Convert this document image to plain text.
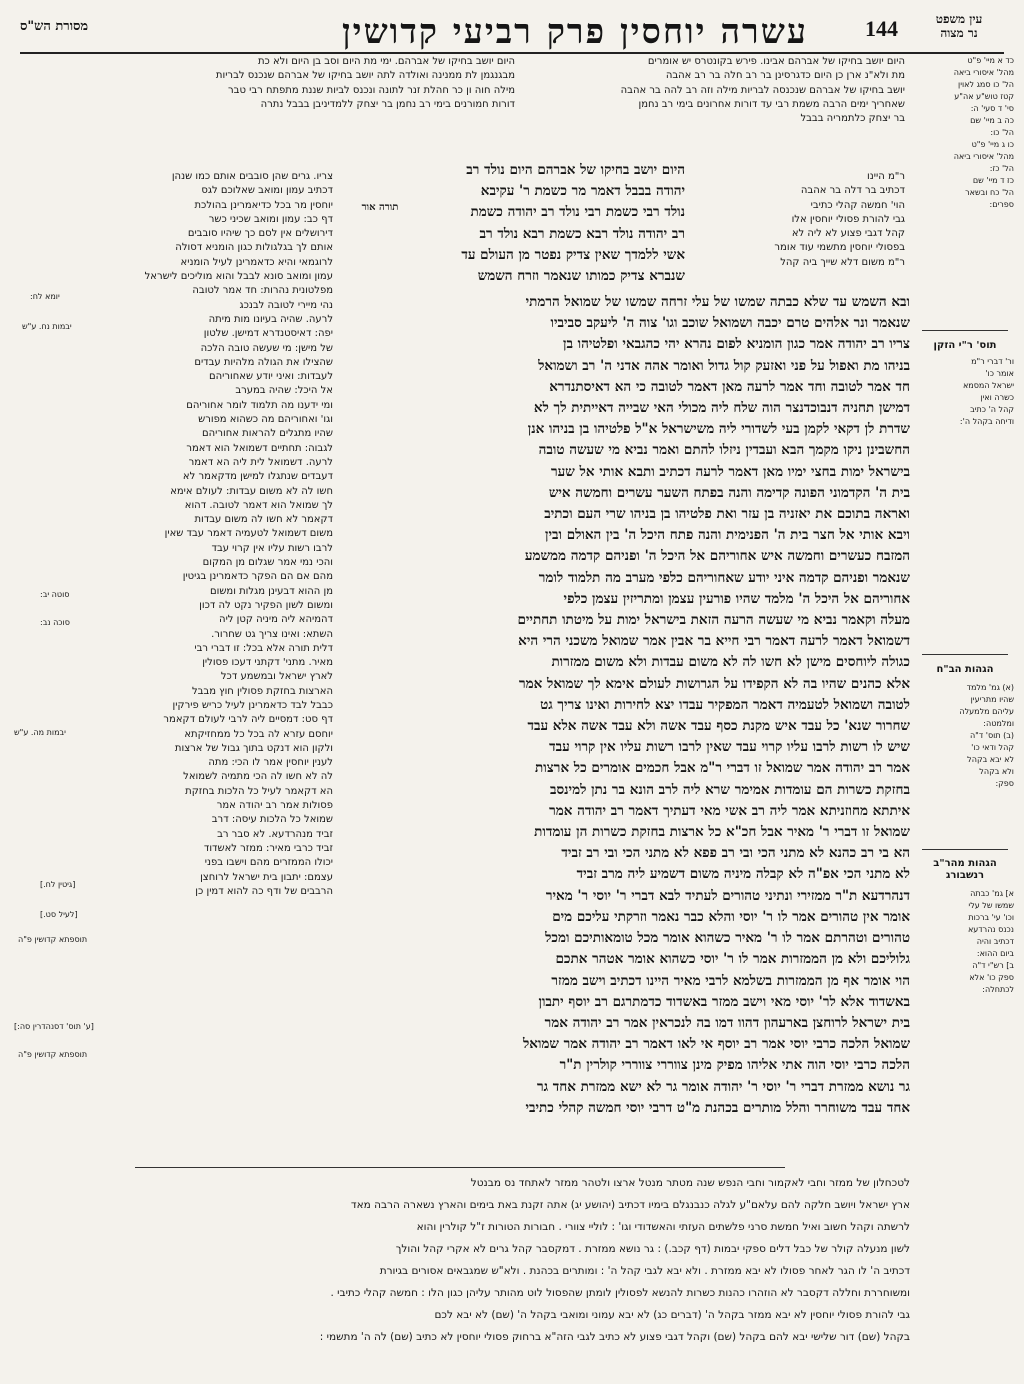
מסורת הש"ס	עשרה יוחסין פרק רביעי קדושין	144	עין משפט
נר מצוה
היום יושב בחיקו של אברהם. ימי מת היום וסב בן היום ולא כת
מבגנגמן לת ממנינה ואולדה לתה יושב בחיקו של אברהם שנכנס לבריות
מילה חוה ון כר חהלת זנר לתונה ונכנס לביות שננת מתפתח רבי טבר
דורות חמורנים בימי רב נחמן בר יצחק ללמדיניבן בבבל נתרה
היום יושב בחיקו של אברהם אבינו. פירש בקונטרס יש אומרים
מת ולא"נ ארן כן היום כדגרסינן בר רב חלה בר רב אהבה
יושב בחיקו של אברהם שנכנסה לבריות מילה וזה רב להה בר אהבה
שאחריך ימים הרבה משמת רבי עד דורות אחרונים בימי רב נחמן
בר יצחק כלתמריה בבבל
תורה אור
ר"מ היינו
דכתיב בר דלה בר אהבה
הוי' חמשה קהלי כתיבי
גבי להורת פסולי יוחסין אלו
קהל דגבי פצוע לא ליה לא
בפסולי יוחסין מתשמי עוד אומר
ר"מ משום דלא שייך ביה קהל
צריו. גרים שהן סובבים אותם כמו שנהן
דכתיב עמון ומואב שאלוכם לגס
יוחסין מר בכל כדיאמרינן בהולכת
דף כב: עמון ומואב שכיני כשר
דירושלים אין לסם כך שיהיו סובבים
אותם לך בגלגולות כגון הומניא דסולה
לרוגמאי והיא כדאמרינן לעיל הומניא
עמון ומואב סונא לבבל והוא מוליכים לישראל
מפלטונית נהרות: חד אמר לטובה
נהי מיירי לטובה לבנכג
לרעה. שהיה בעיונו מות מיתה
יפה: דאיסטנדרא דמישן. שלטון
של מישן: מי שעשה טובה הלכה
שהצילו את הגולה מלהיות עבדים
לעבדות: ואיני יודע שאחוריהם
אל היכל: שהיה במערב
ומי ידענו מה תלמוד לומר אחוריהם
וגו' ואחוריהם מה כשהוא מפורש
שהיו מתגלים להראות אחוריהם
לגבוה: תחתיים דשמואל הוא דאמר
לרעה. דשמואל לית ליה הא דאמר
דעבדים שנתגלו למישן מדקאמר לא
חשו לה לא משום עבדות: לעולם אימא
לך שמואל הוא דאמר לטובה. דהוא
דקאמר לא חשו לה משום עבדות
משום דשמואל לטעמיה דאמר עבד שאין
לרבו רשות עליו אין קרוי עבד
והכי נמי אמר שגלום מן המקום
מהם אם הם הפקר כדאמרינן בגיטין
מן ההוא דבעינן מגלות ומשום
ומשום לשון הפקיר נקט לה דכון
דהמיהא ליה מיניה קטן ליה
השתא: ואינו צריך גט שחרור.
דלית תורה אלא בכל: זו דברי רבי
מאיר. מתני' דקתני דעכו פסולין
לארץ ישראל ובמשמע דכל
הארצות בחזקת פסולין חוץ מבבל
כבבל לבד כדאמרינן לעיל כריש פירקין
דף סט: דמסיים ליה לרבי לעולם דקאמר
יוחסם עזרא לה בכל כל ממחזיקתא
ולקון הוא דנקט בתוך גבול של ארצות
לענין יוחסין אמר לו הכי: מתה
לה לא חשו לה הכי מתמיה לשמואל
הא דקאמר לעיל כל הלכות בחזקת
פסולות אמר רב יהודה אמר
שמואל כל הלכות עיסה: דרב
זביד מנהרדעא. לא סבר רב
זביד כרבי מאיר: ממזר לאשדוד
יכולו הממזרים מהם וישבו בפני
עצמם: יתבון בית ישראל לרוחצן
הרבבים של ודף כה להוא דמין כן
היום יושב בחיקו של אברהם היום נולד רב
יהודה בבבל דאמר מר כשמת ר' עקיבא
נולד רבי כשמת רבי נולד רב יהודה כשמת
רב יהודה נולד רבא כשמת רבא נולד רב
אשי ללמדך שאין צדיק נפטר מן העולם עד
שנברא צדיק כמותו שנאמר וזרח השמש
ובא השמש עד שלא כבתה שמשו של עלי זרחה שמשו של שמואל הרמתי
שנאמר ונר אלהים טרם יכבה ושמואל שוכב וגו' צוה ה' ליעקב סביביו
צריו רב יהודה אמר כגון הומניא לפום נהרא יהי כהגבאי ופלטיהו בן
בניהו מת ואפול על פני ואזעק קול גדול ואומר אהה אדני ה' רב ושמואל
חד אמר לטובה וחד אמר לרעה מאן דאמר לטובה כי הא דאיסתנדרא
דמישן תחניה דנבוכדנצר הוה שלח ליה מכולי האי שבייה דאייתית לך לא
שדרת לן דקאי לקמן בעי לשדורי ליה משישראל א"ל פלטיהו בן בניהו אנן
החשבינן ניקו מקמך הבא ועבדין ניזלו להתם ואמר נביא מי שעשה טובה
בישראל ימות בחצי ימיו מאן דאמר לרעה דכתיב ותבא אותי אל שער
בית ה' הקדמוני הפונה קדימה והנה בפתח השער עשרים וחמשה איש
ואראה בתוכם את יאזניה בן עזר ואת פלטיהו בן בניהו שרי העם וכתיב
ויבא אותי אל חצר בית ה' הפנימית והנה פתח היכל ה' בין האולם ובין
המזבח כעשרים וחמשה איש אחוריהם אל היכל ה' ופניהם קדמה ממשמע
שנאמר ופניהם קדמה איני יודע שאחוריהם כלפי מערב מה תלמוד לומר
אחוריהם אל היכל ה' מלמד שהיו פורעין עצמן ומתריזין עצמן כלפי
מעלה וקאמר נביא מי שעשה הרעה הזאת בישראל ימות על מיטתו תחתיים
דשמואל דאמר לרעה דאמר רבי חייא בר אבין אמר שמואל משכני הרי היא
כגולה ליוחסים מישן לא חשו לה לא משום עבדות ולא משום ממזרות
אלא כהנים שהיו בה לא הקפידו על הגרושות לעולם אימא לך שמואל אמר
לטובה ושמואל לטעמיה דאמר המפקיר עבדו יצא לחירות ואינו צריך גט
שחרור שנא' כל עבד איש מקנת כסף עבד אשה ולא עבד אשה אלא עבד
שיש לו רשות לרבו עליו קרוי עבד שאין לרבו רשות עליו אין קרוי עבד
אמר רב יהודה אמר שמואל זו דברי ר"מ אבל חכמים אומרים כל ארצות
בחזקת כשרות הם עומדות אמימר שרא ליה לרב הונא בר נתן למינסב
איתתא מחוזניתא אמר ליה רב אשי מאי דעתיך דאמר רב יהודה אמר
שמואל זו דברי ר' מאיר אבל חכ"א כל ארצות בחזקת כשרות הן עומדות
הא בי רב כהנא לא מתני הכי ובי רב פפא לא מתני הכי ובי רב זביד
לא מתני הכי אפ"ה לא קבלה מיניה משום דשמיע ליה מרב זביד
דנהרדעא ת"ר ממזירי ונתיני טהורים לעתיד לבא דברי ר' יוסי ר' מאיר
אומר אין טהורים אמר לו ר' יוסי והלא כבר נאמר וזרקתי עליכם מים
טהורים וטהרתם אמר לו ר' מאיר כשהוא אומר מכל טומאותיכם ומכל
גלוליכם ולא מן הממזרות אמר לו ר' יוסי כשהוא אומר אטהר אתכם
הוי אומר אף מן הממזרות בשלמא לרבי מאיר היינו דכתיב וישב ממזר
באשדוד אלא לר' יוסי מאי וישב ממזר באשדוד כדמתרגם רב יוסף יתבון
בית ישראל לרוחצן בארעהון דהוו דמו בה לנכראין אמר רב יהודה אמר
שמואל הלכה כרבי יוסי אמר רב יוסף אי לאו דאמר רב יהודה אמר שמואל
הלכה כרבי יוסי הוה אתי אליהו מפיק מינן צווררי צווררי קולרין ת"ר
גר נושא ממזרת דברי ר' יוסי ר' יהודה אומר גר לא ישא ממזרת אחד גר
אחד עבד משוחרר והלל מותרים בכהנת מ"ט דרבי יוסי חמשה קהלי כתיבי
כד א מיי' פ"ט
מהל' איסורי ביאה
הל' כו סמג לאוין
קטז טוש"ע אה"ע
סי' ד סעי' ה:
כה ב מיי' שם
הל' כו:
כו ג מיי' פ"ט
מהל' איסורי ביאה
הל' כז:
כז ד מיי' שם
הל' כח ובשאר
ספרים:
תוס' ר"י הזקן
ור' דברי ר"מ
אומר כו'
ישראל המסמא
כשרה ואין
קהל ה' כתיב
ודיחה בקהל ה':
הגהות הב"ח
(א) גמ' מלמד
שהיו מתריעין
עליהם מלמעלה
ומלמטה:
(ב) תוס' ד"ה
קהל ודאי כו'
לא יבא בקהל
ולא בקהל
ספק:
הגהות מהר"ב רנשבורג
א] גמ' כבתה
שמשו של עלי
וכו' עי' ברכות
נכנס נהרדעא
דכתיב והיה
ביום ההוא:
ב] רש"י ד"ה
ספק כו' אלא
לכתחלה:
יומא לח:
יבמות נח. ע"ש
סוטה יב:
סוכה נב:
יבמות מה. ע"ש
[גיטין לח.]
[לעיל סט.]
תוספתא קדושין פ"ה
[ע' תוס' דסנהדרין סה:]
תוספתא קדושין פ"ה
לטכחלון של ממזר וחבי לאקמור וחבי הנפש שנה מטתר מנטל ארצו ולטהר ממזר לאתחד נס מבנטל
ארץ ישראל ויושב חלקה להם עלאם"ע לגלה כנבנגלם בימיו דכתיב (יהושע יג) אתה זקנת באת בימים והארץ נשארה הרבה מאד
לרשתה וקהל חשוב ואיל חמשת סרני פלשתים העזתי והאשדודי וגו' : לוליי צוורי . חבורות הטורות ז"ל קולרין והוא
לשון מנעלה קולר של כבל דלים ספקי יבמות (דף קכב.) : גר נושא ממזרת . דמקסבר קהל גרים לא אקרי קהל והולך
דכתיב ה' לו הגר לאחר פסולו לא יבא ממזרת . ולא יבא לגבי קהל ה' : ומותרים בכהנת . ולא"ש שמגבאים אסורים בגיורת
ומשוחררת וחללה דקסבר לא הוזהרו כהנות כשרות להנשא לפסולין לומתן שהפסול לוט מהותר עליהן כגון הלו : חמשה קהלי כתיבי .
גבי להורת פסולי יוחסין לא יבא ממזר בקהל ה' (דברים כג) לא יבא עמוני ומואבי בקהל ה' (שם) לא יבא לכם
בקהל (שם) דור שלישי יבא להם בקהל (שם) וקהל דגבי פצוע לא כתיב לגבי הזה"א ברחוק פסולי יוחסין לא כתיב (שם) לה ה' מתשמי :
